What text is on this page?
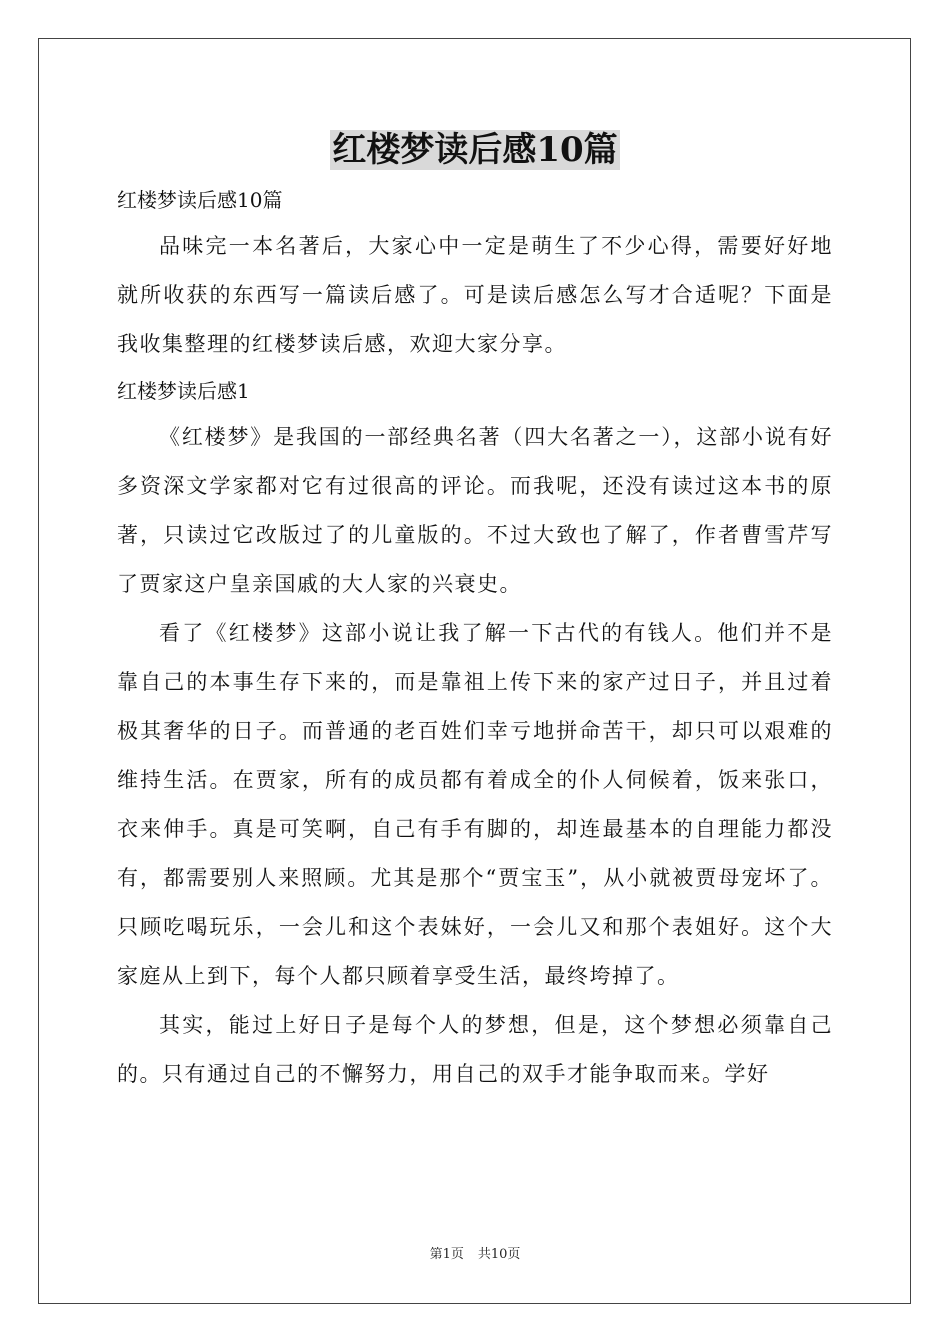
红楼梦读后感10篇

红楼梦读后感10篇

品味完一本名著后，大家心中一定是萌生了不少心得，需要好好地就所收获的东西写一篇读后感了。可是读后感怎么写才合适呢？下面是我收集整理的红楼梦读后感，欢迎大家分享。

红楼梦读后感1

《红楼梦》是我国的一部经典名著（四大名著之一），这部小说有好多资深文学家都对它有过很高的评论。而我呢，还没有读过这本书的原著，只读过它改版过了的儿童版的。不过大致也了解了，作者曹雪芹写了贾家这户皇亲国戚的大人家的兴衰史。

看了《红楼梦》这部小说让我了解一下古代的有钱人。他们并不是靠自己的本事生存下来的，而是靠祖上传下来的家产过日子，并且过着极其奢华的日子。而普通的老百姓们幸亏地拼命苦干，却只可以艰难的维持生活。在贾家，所有的成员都有着成全的仆人伺候着，饭来张口，衣来伸手。真是可笑啊，自己有手有脚的，却连最基本的自理能力都没有，都需要别人来照顾。尤其是那个“贾宝玉”，从小就被贾母宠坏了。只顾吃喝玩乐，一会儿和这个表妹好，一会儿又和那个表姐好。这个大家庭从上到下，每个人都只顾着享受生活，最终垮掉了。

其实，能过上好日子是每个人的梦想，但是，这个梦想必须靠自己的。只有通过自己的不懈努力，用自己的双手才能争取而来。学好

第1页 共10页
